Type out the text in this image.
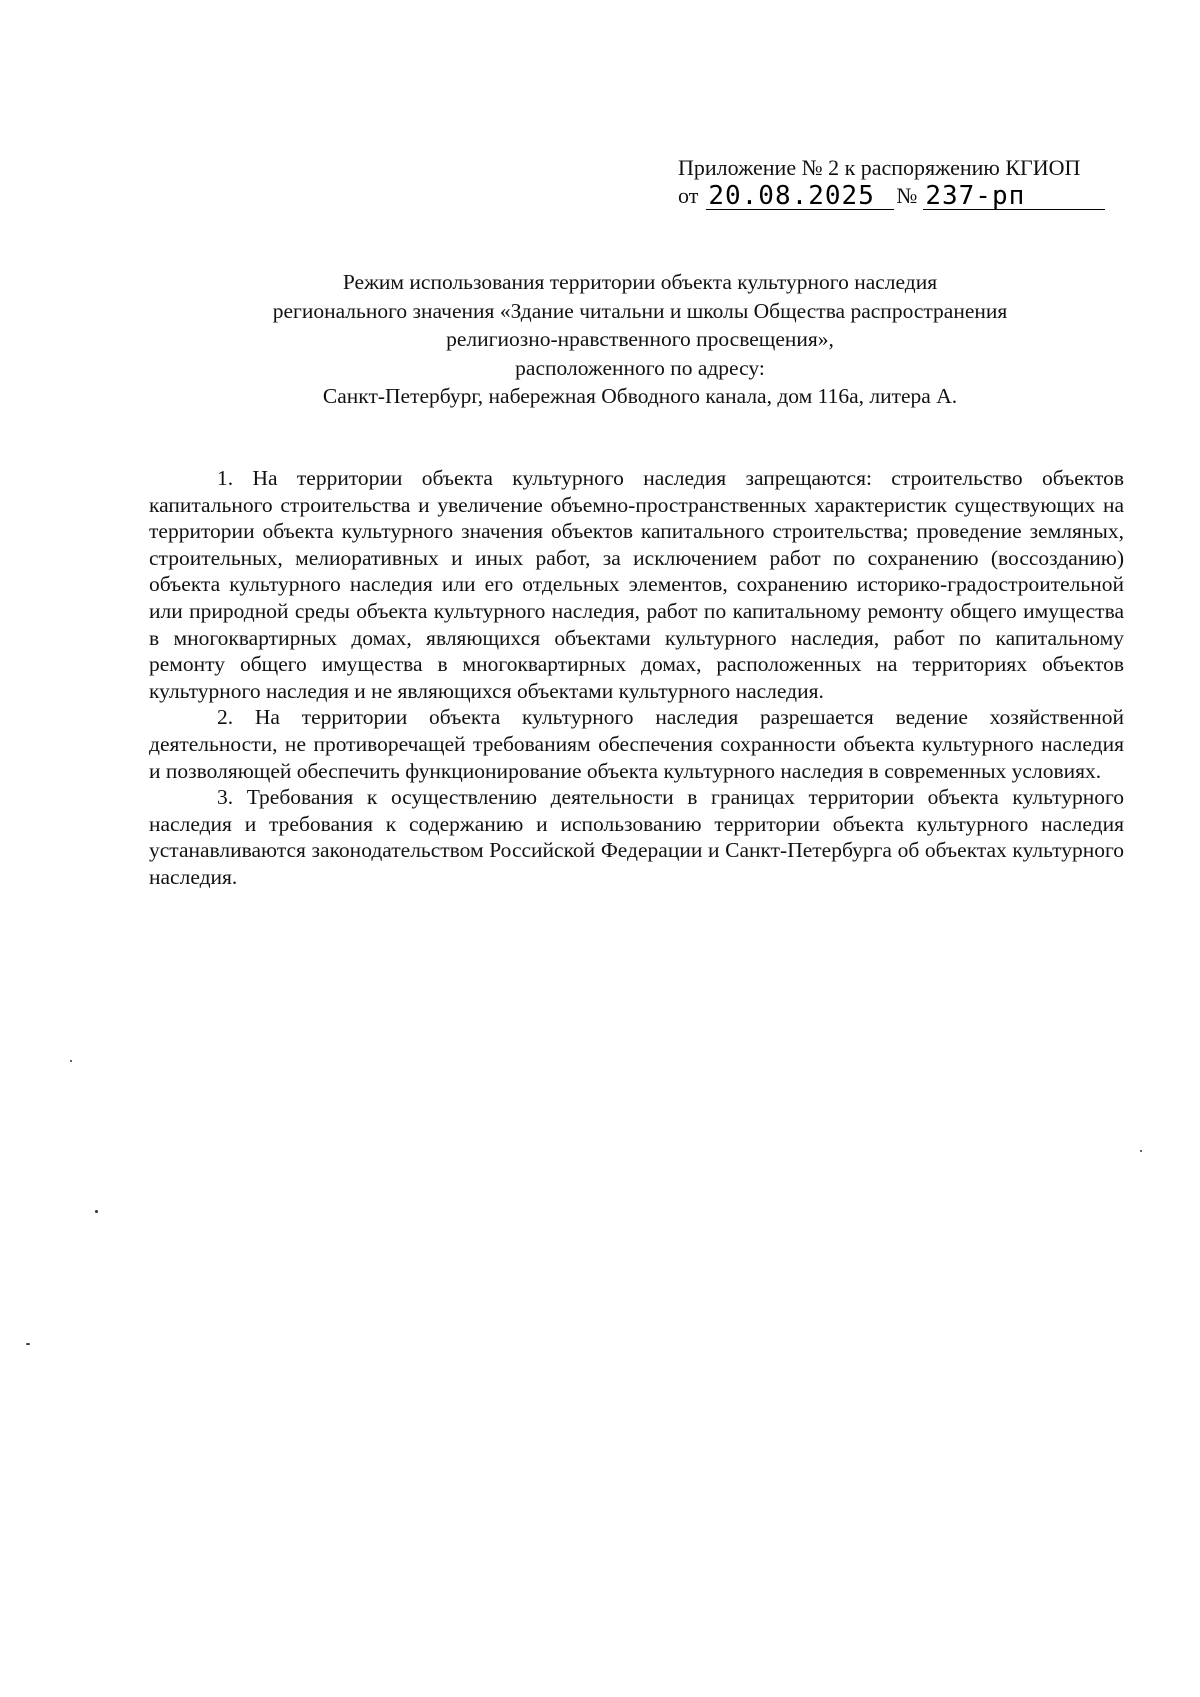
Приложение № 2 к распоряжению КГИОП
от 20.08.2025 № 237-рп
Режим использования территории объекта культурного наследия
регионального значения «Здание читальни и школы Общества распространения
религиозно-нравственного просвещения»,
расположенного по адресу:
Санкт-Петербург, набережная Обводного канала, дом 116а, литера А.

1. На территории объекта культурного наследия запрещаются: строительство объектов капитального строительства и увеличение объемно-пространственных характеристик существующих на территории объекта культурного значения объектов капитального строительства; проведение земляных, строительных, мелиоративных и иных работ, за исключением работ по сохранению (воссозданию) объекта культурного наследия или его отдельных элементов, сохранению историко-градостроительной или природной среды объекта культурного наследия, работ по капитальному ремонту общего имущества в многоквартирных домах, являющихся объектами культурного наследия, работ по капитальному ремонту общего имущества в многоквартирных домах, расположенных на территориях объектов культурного наследия и не являющихся объектами культурного наследия.

2. На территории объекта культурного наследия разрешается ведение хозяйственной деятельности, не противоречащей требованиям обеспечения сохранности объекта культурного наследия и позволяющей обеспечить функционирование объекта культурного наследия в современных условиях.

3. Требования к осуществлению деятельности в границах территории объекта культурного наследия и требования к содержанию и использованию территории объекта культурного наследия устанавливаются законодательством Российской Федерации и Санкт-Петербурга об объектах культурного наследия.
